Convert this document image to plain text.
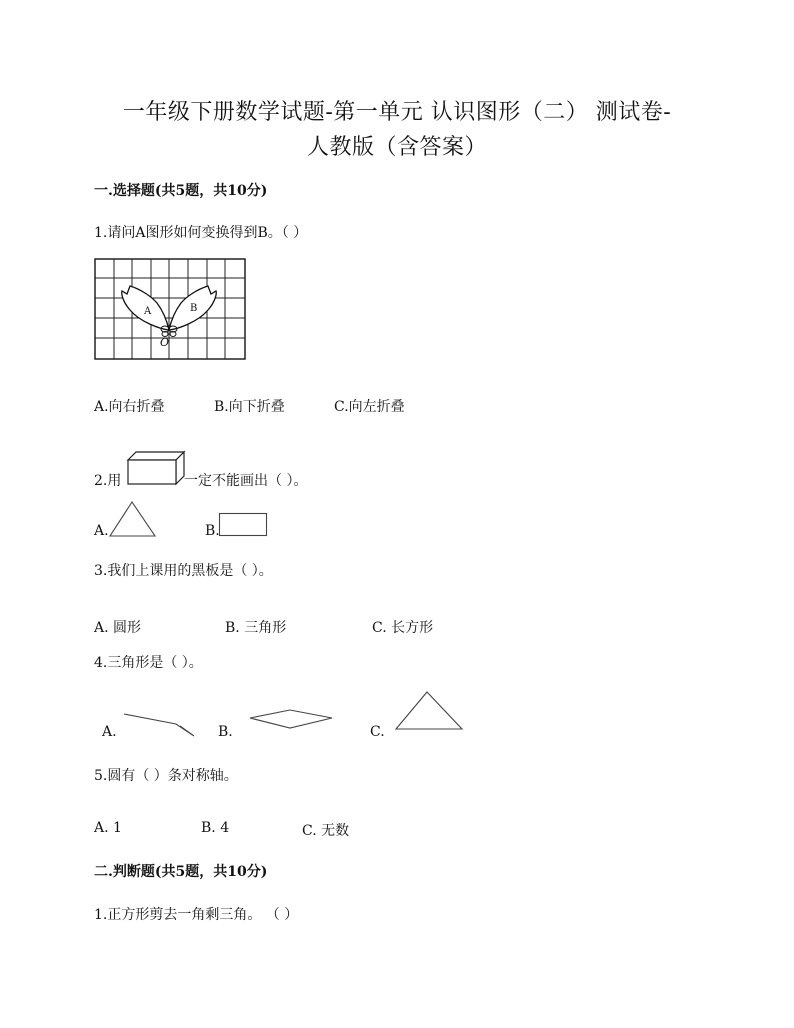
一年级下册数学试题-第一单元 认识图形（二） 测试卷-
人教版（含答案）
一.选择题(共5题，共10分)
1.请问A图形如何变换得到B。（ ）
A	B
O
A.向右折叠	B.向下折叠	C.向左折叠
2.用	一定不能画出（ ）。
A.	B.
3.我们上课用的黑板是（ ）。
A. 圆形	B. 三角形	C. 长方形
4.三角形是（ ）。
A.	B.	C.
5.圆有（ ）条对称轴。
A. 1	B. 4	C. 无数
二.判断题(共5题，共10分)
1.正方形剪去一角剩三角。 （ ）
